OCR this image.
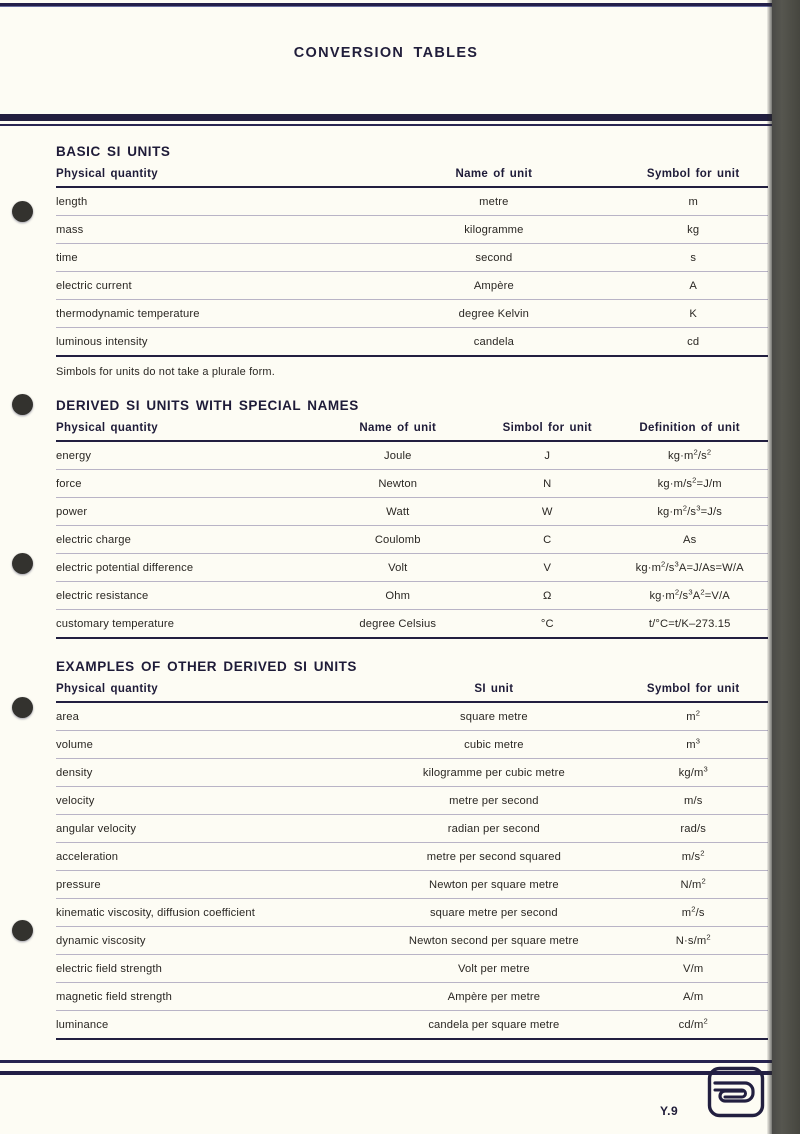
CONVERSION TABLES
BASIC SI UNITS
Physical quantity	Name of unit	Symbol for unit
length	metre	m
mass	kilogramme	kg
time	second	s
electric current	Ampère	A
thermodynamic temperature	degree Kelvin	K
luminous intensity	candela	cd
Simbols for units do not take a plurale form.
DERIVED SI UNITS WITH SPECIAL NAMES
Physical quantity	Name of unit	Simbol for unit	Definition of unit
energy	Joule	J	$kg\cdot m^2/s^2$
force	Newton	N	$kg\cdot m/s^2=J/m$
power	Watt	W	$kg\cdot m^2/s^3=J/s$
electric charge	Coulomb	C	As
electric potential difference	Volt	V	$kg\cdot m^2/s^3A=J/As=W/A$
electric resistance	Ohm	Ω	$kg\cdot m^2/s^3A^2=V/A$
customary temperature	degree Celsius	°C	t/°C=t/K–273.15
EXAMPLES OF OTHER DERIVED SI UNITS
Physical quantity	SI unit	Symbol for unit
area	square metre	$m^2$
volume	cubic metre	$m^3$
density	kilogramme per cubic metre	$kg/m^3$
velocity	metre per second	m/s
angular velocity	radian per second	rad/s
acceleration	metre per second squared	$m/s^2$
pressure	Newton per square metre	$N/m^2$
kinematic viscosity, diffusion coefficient	square metre per second	$m^2/s$
dynamic viscosity	Newton second per square metre	$N\cdot s/m^2$
electric field strength	Volt per metre	V/m
magnetic field strength	Ampère per metre	A/m
luminance	candela per square metre	$cd/m^2$
Y.9
